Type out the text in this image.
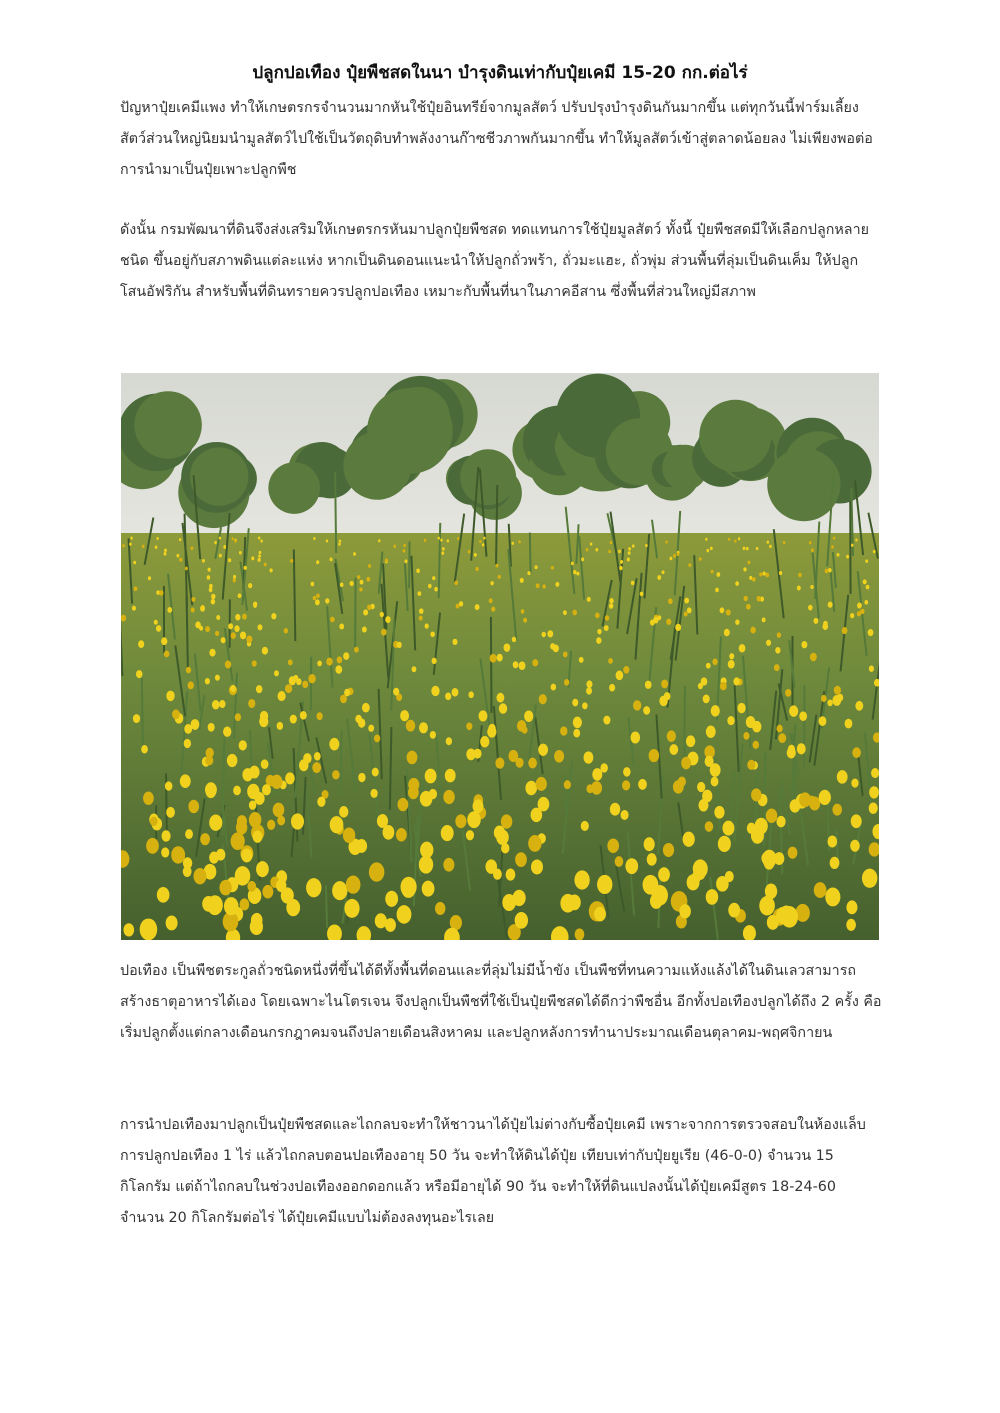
ปลูกปอเทือง ปุ๋ยพืชสดในนา บำรุงดินเท่ากับปุ๋ยเคมี 15-20 กก.ต่อไร่

ปัญหาปุ๋ยเคมีแพง ทำให้เกษตรกรจำนวนมากหันใช้ปุ๋ยอินทรีย์จากมูลสัตว์ ปรับปรุงบำรุงดินกันมากขึ้น แต่ทุกวันนี้ฟาร์มเลี้ยงสัตว์ส่วนใหญ่นิยมนำมูลสัตว์ไปใช้เป็นวัตถุดิบทำพลังงานก๊าซชีวภาพกันมากขึ้น ทำให้มูลสัตว์เข้าสู่ตลาดน้อยลง ไม่เพียงพอต่อการนำมาเป็นปุ๋ยเพาะปลูกพืช

ดังนั้น กรมพัฒนาที่ดินจึงส่งเสริมให้เกษตรกรหันมาปลูกปุ๋ยพืชสด ทดแทนการใช้ปุ๋ยมูลสัตว์ ทั้งนี้ ปุ๋ยพืชสดมีให้เลือกปลูกหลายชนิด ขึ้นอยู่กับสภาพดินแต่ละแห่ง หากเป็นดินดอนแนะนำให้ปลูกถั่วพร้า, ถั่วมะแฮะ, ถั่วพุ่ม ส่วนพื้นที่ลุ่มเป็นดินเค็ม ให้ปลูกโสนอัฟริกัน สำหรับพื้นที่ดินทรายควรปลูกปอเทือง เหมาะกับพื้นที่นาในภาคอีสาน ซึ่งพื้นที่ส่วนใหญ่มีสภาพ

ปอเทือง เป็นพืชตระกูลถั่วชนิดหนึ่งที่ขึ้นได้ดีทั้งพื้นที่ดอนและที่ลุ่มไม่มีน้ำขัง เป็นพืชที่ทนความแห้งแล้งได้ในดินเลวสามารถสร้างธาตุอาหารได้เอง โดยเฉพาะไนโตรเจน จึงปลูกเป็นพืชที่ใช้เป็นปุ๋ยพืชสดได้ดีกว่าพืชอื่น อีกทั้งปอเทืองปลูกได้ถึง 2 ครั้ง คือ เริ่มปลูกตั้งแต่กลางเดือนกรกฎาคมจนถึงปลายเดือนสิงหาคม และปลูกหลังการทำนาประมาณเดือนตุลาคม-พฤศจิกายน

การนำปอเทืองมาปลูกเป็นปุ๋ยพืชสดและไถกลบจะทำให้ชาวนาได้ปุ๋ยไม่ต่างกับซื้อปุ๋ยเคมี เพราะจากการตรวจสอบในห้องแล็บ การปลูกปอเทือง 1 ไร่ แล้วไถกลบตอนปอเทืองอายุ 50 วัน จะทำให้ดินได้ปุ๋ย เทียบเท่ากับปุ๋ยยูเรีย (46-0-0) จำนวน 15 กิโลกรัม แต่ถ้าไถกลบในช่วงปอเทืองออกดอกแล้ว หรือมีอายุได้ 90 วัน จะทำให้ที่ดินแปลงนั้นได้ปุ๋ยเคมีสูตร 18-24-60 จำนวน 20 กิโลกรัมต่อไร่ ได้ปุ๋ยเคมีแบบไม่ต้องลงทุนอะไรเลย
